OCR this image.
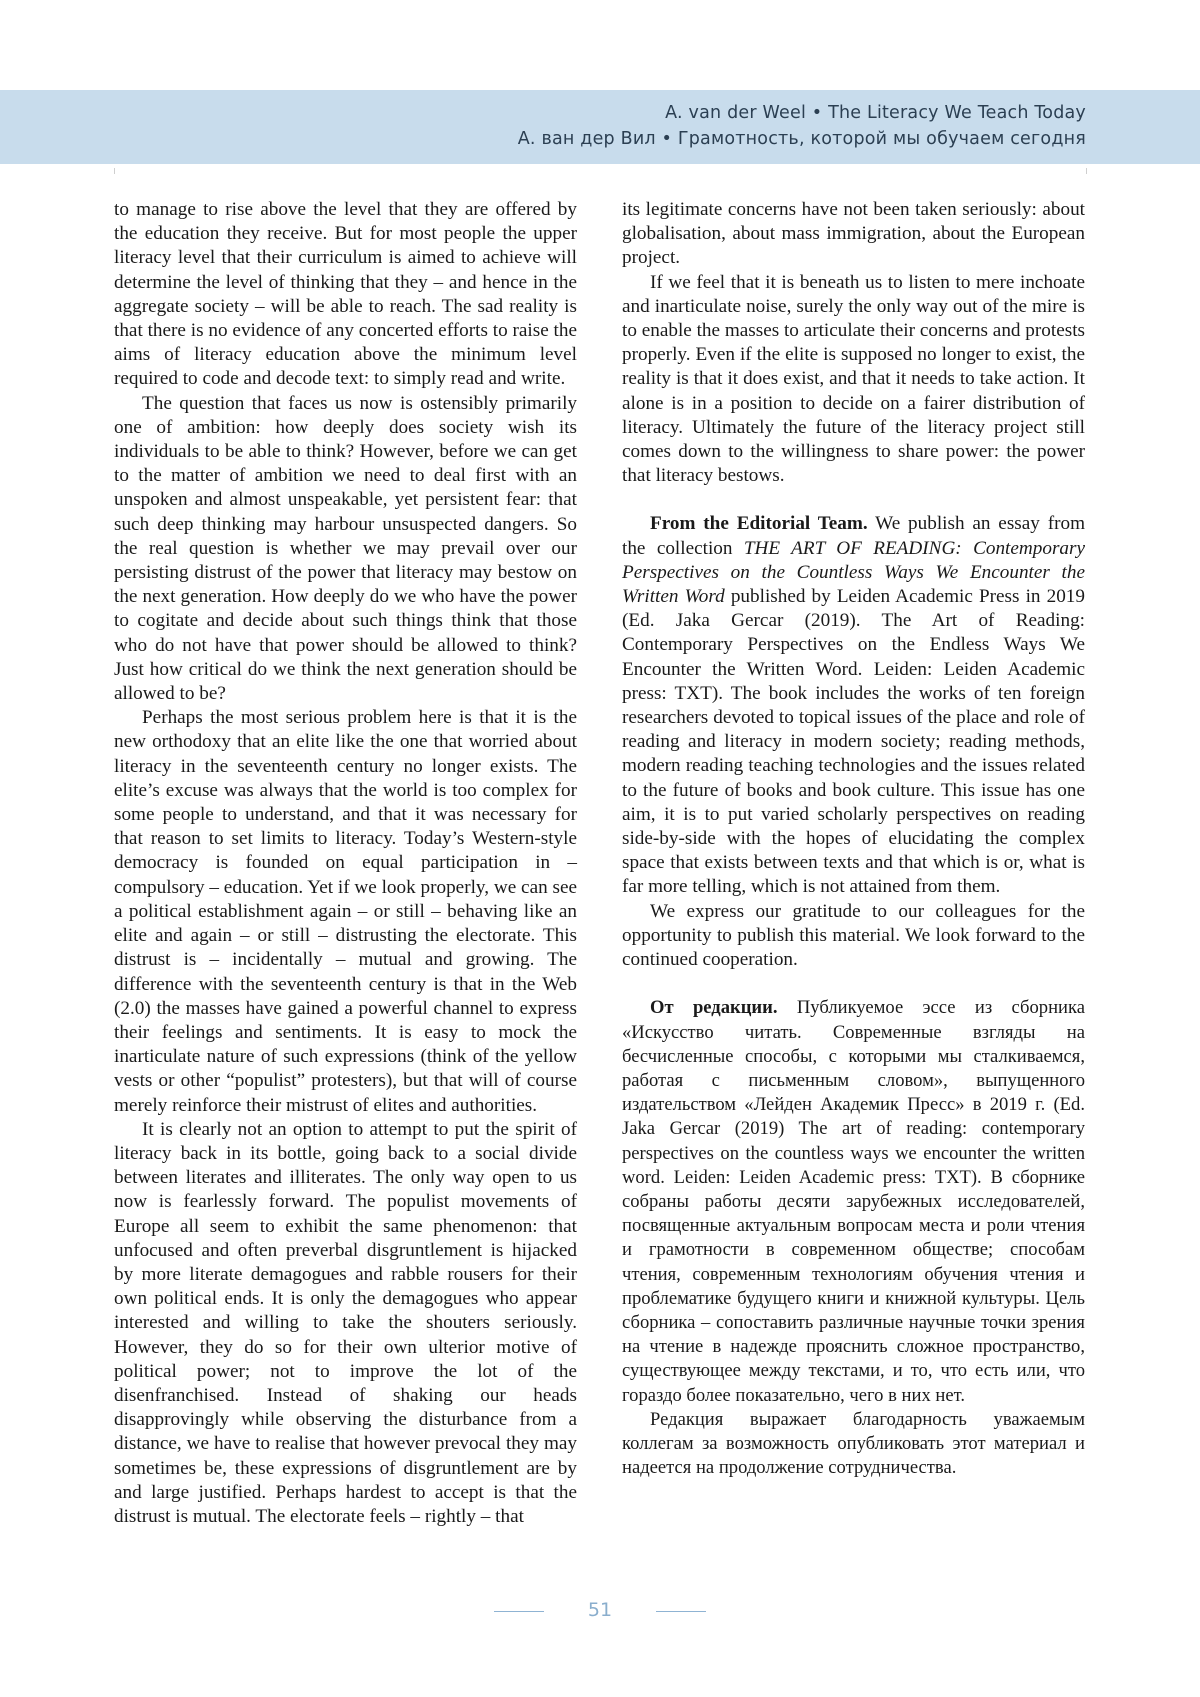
A. van der Weel • The Literacy We Teach Today
А. ван дер Вил • Грамотность, которой мы обучаем сегодня

to manage to rise above the level that they are offered by the education they receive. But for most people the upper literacy level that their curriculum is aimed to achieve will determine the level of thinking that they – and hence in the aggregate society – will be able to reach. The sad reality is that there is no evidence of any concerted efforts to raise the aims of literacy education above the minimum level required to code and decode text: to simply read and write.

The question that faces us now is ostensibly primarily one of ambition: how deeply does society wish its individuals to be able to think? However, before we can get to the matter of ambition we need to deal first with an unspoken and almost unspeakable, yet persistent fear: that such deep thinking may harbour unsuspected dangers. So the real question is whether we may prevail over our persisting distrust of the power that literacy may bestow on the next generation. How deeply do we who have the power to cogitate and decide about such things think that those who do not have that power should be allowed to think? Just how critical do we think the next generation should be allowed to be?

Perhaps the most serious problem here is that it is the new orthodoxy that an elite like the one that worried about literacy in the seventeenth century no longer exists. The elite’s excuse was always that the world is too complex for some people to understand, and that it was necessary for that reason to set limits to literacy. Today’s Western-style democracy is founded on equal participation in – compulsory – education. Yet if we look properly, we can see a political establishment again – or still – behaving like an elite and again – or still – distrusting the electorate. This distrust is – incidentally – mutual and growing. The difference with the seventeenth century is that in the Web (2.0) the masses have gained a powerful channel to express their feelings and sentiments. It is easy to mock the inarticulate nature of such expressions (think of the yellow vests or other “populist” protesters), but that will of course merely reinforce their mistrust of elites and authorities.

It is clearly not an option to attempt to put the spirit of literacy back in its bottle, going back to a social divide between literates and illiterates. The only way open to us now is fearlessly forward. The populist movements of Europe all seem to exhibit the same phenomenon: that unfocused and often preverbal disgruntlement is hijacked by more literate demagogues and rabble rousers for their own political ends. It is only the demagogues who appear interested and willing to take the shouters seriously. However, they do so for their own ulterior motive of political power; not to improve the lot of the disenfranchised. Instead of shaking our heads disapprovingly while observing the disturbance from a distance, we have to realise that however prevocal they may sometimes be, these expressions of disgruntlement are by and large justified. Perhaps hardest to accept is that the distrust is mutual. The electorate feels – rightly – that

its legitimate concerns have not been taken seriously: about globalisation, about mass immigration, about the European project.

If we feel that it is beneath us to listen to mere inchoate and inarticulate noise, surely the only way out of the mire is to enable the masses to articulate their concerns and protests properly. Even if the elite is supposed no longer to exist, the reality is that it does exist, and that it needs to take action. It alone is in a position to decide on a fairer distribution of literacy. Ultimately the future of the literacy project still comes down to the willingness to share power: the power that literacy bestows.

From the Editorial Team. We publish an essay from the collection THE ART OF READING: Contemporary Perspectives on the Countless Ways We Encounter the Written Word published by Leiden Academic Press in 2019 (Ed. Jaka Gercar (2019). The Art of Reading: Contemporary Perspectives on the Endless Ways We Encounter the Written Word. Leiden: Leiden Academic press: TXT). The book includes the works of ten foreign researchers devoted to topical issues of the place and role of reading and literacy in modern society; reading methods, modern reading teaching technologies and the issues related to the future of books and book culture. This issue has one aim, it is to put varied scholarly perspectives on reading side-by-side with the hopes of elucidating the complex space that exists between texts and that which is or, what is far more telling, which is not attained from them.

We express our gratitude to our colleagues for the opportunity to publish this material. We look forward to the continued cooperation.

От редакции. Публикуемое эссе из сборника «Искусство читать. Современные взгляды на бесчисленные способы, с которыми мы сталкиваемся, работая с письменным словом», выпущенного издательством «Лейден Академик Пресс» в 2019 г. (Ed. Jaka Gercar (2019) The art of reading: contemporary perspectives on the countless ways we encounter the written word. Leiden: Leiden Academic press: TXT). В сборнике собраны работы десяти зарубежных исследователей, посвященные актуальным вопросам места и роли чтения и грамотности в современном обществе; способам чтения, современным технологиям обучения чтения и проблематике будущего книги и книжной культуры. Цель сборника – сопоставить различные научные точки зрения на чтение в надежде прояснить сложное пространство, существующее между текстами, и то, что есть или, что гораздо более показательно, чего в них нет.

Редакция выражает благодарность уважаемым коллегам за возможность опубликовать этот материал и надеется на продолжение сотрудничества.

51
